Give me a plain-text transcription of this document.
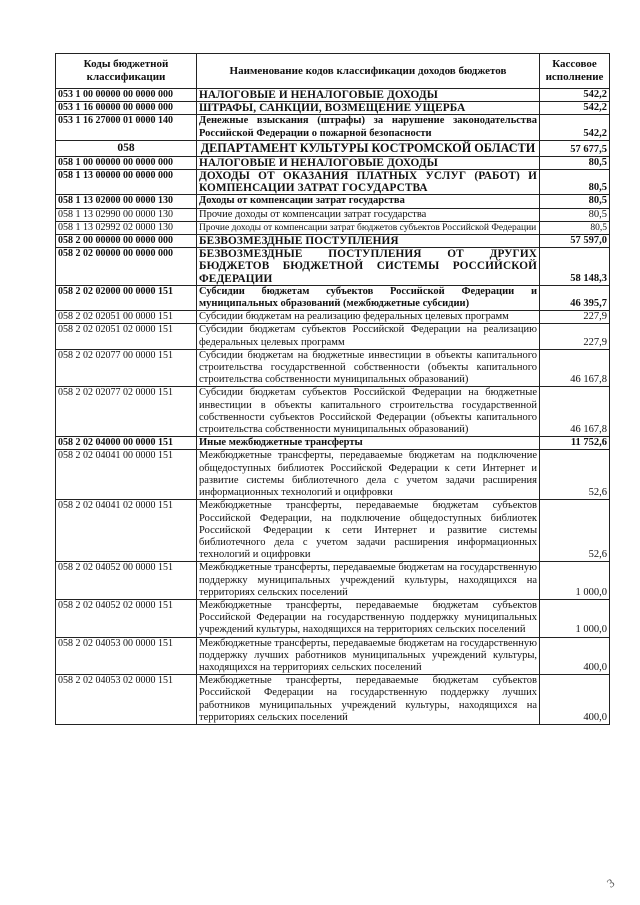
Коды бюджетной классификации	Наименование кодов классификации доходов бюджетов	Кассовое исполнение
053 1 00 00000 00 0000 000	НАЛОГОВЫЕ И НЕНАЛОГОВЫЕ ДОХОДЫ	542,2
053 1 16 00000 00 0000 000	ШТРАФЫ, САНКЦИИ, ВОЗМЕЩЕНИЕ УЩЕРБА	542,2
053 1 16 27000 01 0000 140	Денежные взыскания (штрафы) за нарушение законодательства Российской Федерации о пожарной безопасности	542,2
058	ДЕПАРТАМЕНТ КУЛЬТУРЫ КОСТРОМСКОЙ ОБЛАСТИ	57 677,5
058 1 00 00000 00 0000 000	НАЛОГОВЫЕ И НЕНАЛОГОВЫЕ ДОХОДЫ	80,5
058 1 13 00000 00 0000 000	ДОХОДЫ ОТ ОКАЗАНИЯ ПЛАТНЫХ УСЛУГ (РАБОТ) И КОМПЕНСАЦИИ ЗАТРАТ ГОСУДАРСТВА	80,5
058 1 13 02000 00 0000 130	Доходы от компенсации затрат государства	80,5
058 1 13 02990 00 0000 130	Прочие доходы от компенсации затрат государства	80,5
058 1 13 02992 02 0000 130	Прочие доходы от компенсации затрат бюджетов субъектов Российской Федерации	80,5
058 2 00 00000 00 0000 000	БЕЗВОЗМЕЗДНЫЕ ПОСТУПЛЕНИЯ	57 597,0
058 2 02 00000 00 0000 000	БЕЗВОЗМЕЗДНЫЕ ПОСТУПЛЕНИЯ ОТ ДРУГИХ БЮДЖЕТОВ БЮДЖЕТНОЙ СИСТЕМЫ РОССИЙСКОЙ ФЕДЕРАЦИИ	58 148,3
058 2 02 02000 00 0000 151	Субсидии бюджетам субъектов Российской Федерации и муниципальных образований (межбюджетные субсидии)	46 395,7
058 2 02 02051 00 0000 151	Субсидии бюджетам на реализацию федеральных целевых программ	227,9
058 2 02 02051 02 0000 151	Субсидии бюджетам субъектов Российской Федерации на реализацию федеральных целевых программ	227,9
058 2 02 02077 00 0000 151	Субсидии бюджетам на бюджетные инвестиции в объекты капитального строительства государственной собственности (объекты капитального строительства собственности муниципальных образований)	46 167,8
058 2 02 02077 02 0000 151	Субсидии бюджетам субъектов Российской Федерации на бюджетные инвестиции в объекты капитального строительства государственной собственности субъектов Российской Федерации (объекты капитального строительства собственности муниципальных образований)	46 167,8
058 2 02 04000 00 0000 151	Иные межбюджетные трансферты	11 752,6
058 2 02 04041 00 0000 151	Межбюджетные трансферты, передаваемые бюджетам на подключение общедоступных библиотек Российской Федерации к сети Интернет и развитие системы библиотечного дела с учетом задачи расширения информационных технологий и оцифровки	52,6
058 2 02 04041 02 0000 151	Межбюджетные трансферты, передаваемые бюджетам субъектов Российской Федерации, на подключение общедоступных библиотек Российской Федерации к сети Интернет и развитие системы библиотечного дела с учетом задачи расширения информационных технологий и оцифровки	52,6
058 2 02 04052 00 0000 151	Межбюджетные трансферты, передаваемые бюджетам на государственную поддержку муниципальных учреждений культуры, находящихся на территориях сельских поселений	1 000,0
058 2 02 04052 02 0000 151	Межбюджетные трансферты, передаваемые бюджетам субъектов Российской Федерации на государственную поддержку муниципальных учреждений культуры, находящихся на территориях сельских поселений	1 000,0
058 2 02 04053 00 0000 151	Межбюджетные трансферты, передаваемые бюджетам на государственную поддержку лучших работников муниципальных учреждений культуры, находящихся на территориях сельских поселений	400,0
058 2 02 04053 02 0000 151	Межбюджетные трансферты, передаваемые бюджетам субъектов Российской Федерации на государственную поддержку лучших работников муниципальных учреждений культуры, находящихся на территориях сельских поселений	400,0
3
